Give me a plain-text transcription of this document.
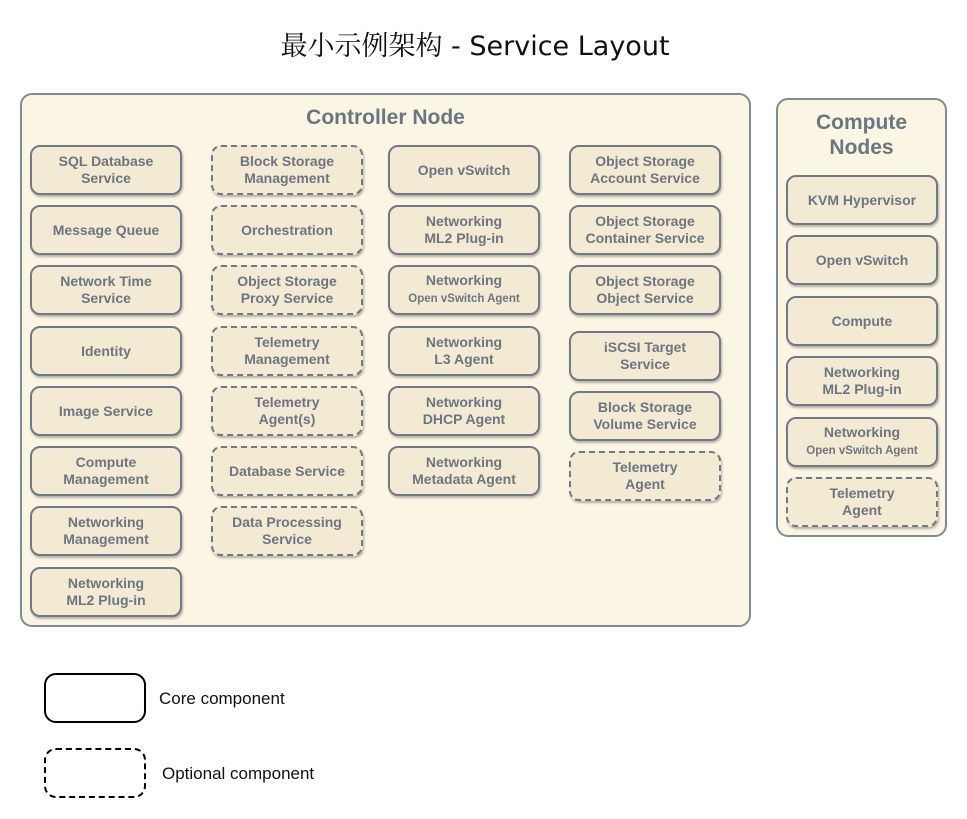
最小示例架构 - Service Layout
Controller Node	Compute
Nodes
SQL Database
Service
Message Queue
Network Time
Service
Identity
Image Service
Compute
Management
Networking
Management
Networking
ML2 Plug-in
Block Storage
Management
Orchestration
Object Storage
Proxy Service
Telemetry
Management
Telemetry
Agent(s)
Database Service
Data Processing
Service
Open vSwitch
Networking
ML2 Plug-in
Networking
Open vSwitch Agent
Networking
L3 Agent
Networking
DHCP Agent
Networking
Metadata Agent
Object Storage
Account Service
Object Storage
Container Service
Object Storage
Object Service
iSCSI Target
Service
Block Storage
Volume Service
Telemetry
Agent
KVM Hypervisor
Open vSwitch
Compute
Networking
ML2 Plug-in
Networking
Open vSwitch Agent
Telemetry
Agent
Core component
Optional component
